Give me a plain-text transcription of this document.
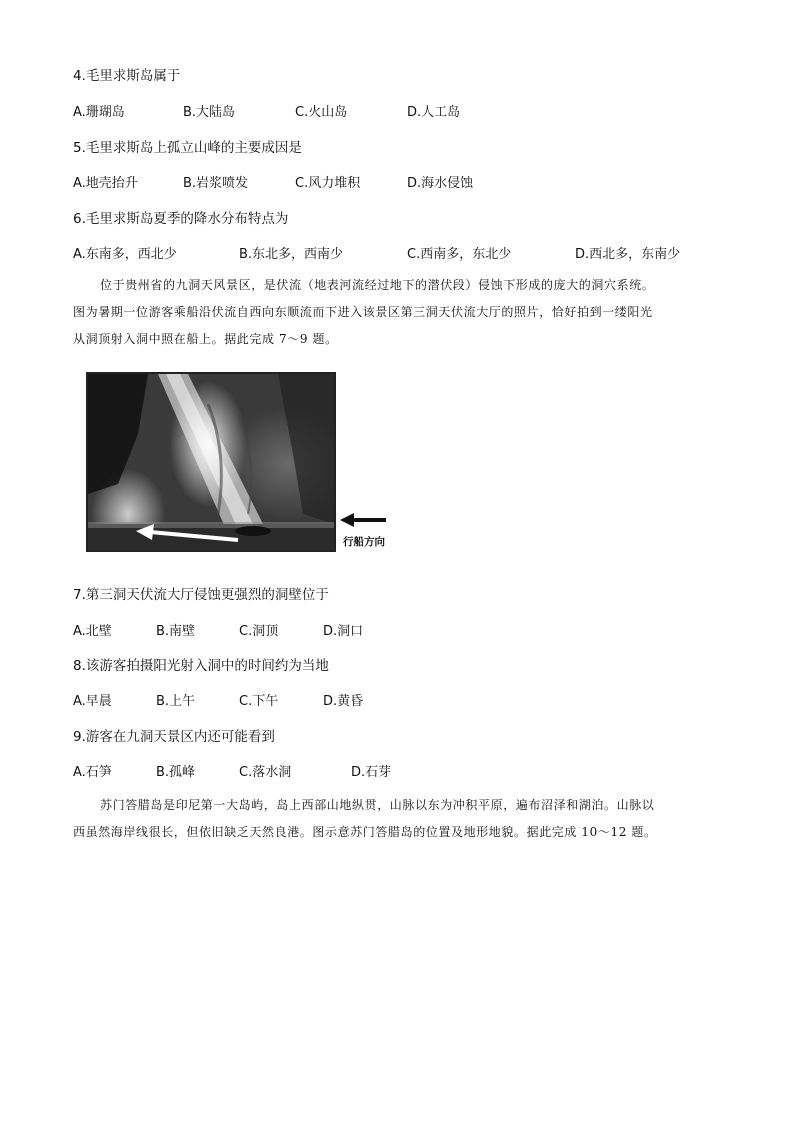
4.毛里求斯岛属于
A.珊瑚岛	B.大陆岛	C.火山岛	D.人工岛
5.毛里求斯岛上孤立山峰的主要成因是
A.地壳抬升	B.岩浆喷发	C.风力堆积	D.海水侵蚀
6.毛里求斯岛夏季的降水分布特点为
A.东南多，西北少	B.东北多，西南少	C.西南多，东北少	D.西北多，东南少

位于贵州省的九洞天风景区，是伏流（地表河流经过地下的潜伏段）侵蚀下形成的庞大的洞穴系统。

图为暑期一位游客乘船沿伏流自西向东顺流而下进入该景区第三洞天伏流大厅的照片，恰好拍到一缕阳光

从洞顶射入洞中照在船上。据此完成 7～9 题。

行船方向
7.第三洞天伏流大厅侵蚀更强烈的洞壁位于
A.北壁	B.南壁	C.洞顶	D.洞口
8.该游客拍摄阳光射入洞中的时间约为当地
A.早晨	B.上午	C.下午	D.黄昏
9.游客在九洞天景区内还可能看到
A.石笋	B.孤峰	C.落水洞	D.石芽

苏门答腊岛是印尼第一大岛屿，岛上西部山地纵贯，山脉以东为冲积平原，遍布沼泽和湖泊。山脉以

西虽然海岸线很长，但依旧缺乏天然良港。图示意苏门答腊岛的位置及地形地貌。据此完成 10～12 题。
